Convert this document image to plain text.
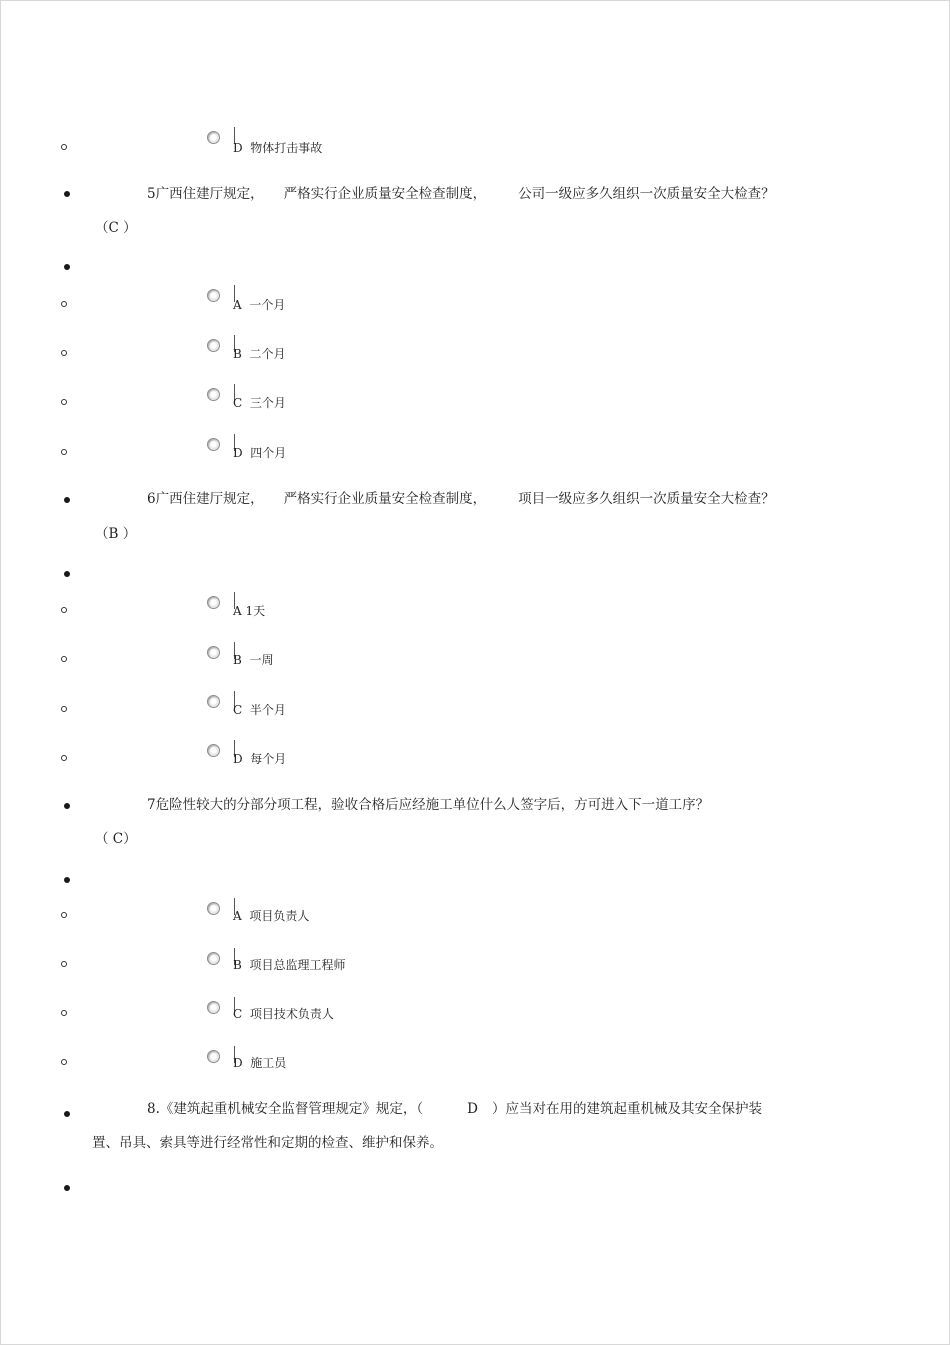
D 物体打击事故
5广西住建厅规定， 严格实行企业质量安全检查制度， 公司一级应多久组织一次质量安全大检查？
（C ）
A 一个月
B 二个月
C 三个月
D 四个月
6广西住建厅规定， 严格实行企业质量安全检查制度， 项目一级应多久组织一次质量安全大检查？
（B ）
A 1天
B 一周
C 半个月
D 每个月
7危险性较大的分部分项工程，验收合格后应经施工单位什么人签字后，方可进入下一道工序？
（ C）
A 项目负责人
B 项目总监理工程师
C 项目技术负责人
D 施工员
8.《建筑起重机械安全监督管理规定》规定，（	D ）应当对在用的建筑起重机械及其安全保护装
置、吊具、索具等进行经常性和定期的检查、维护和保养。
